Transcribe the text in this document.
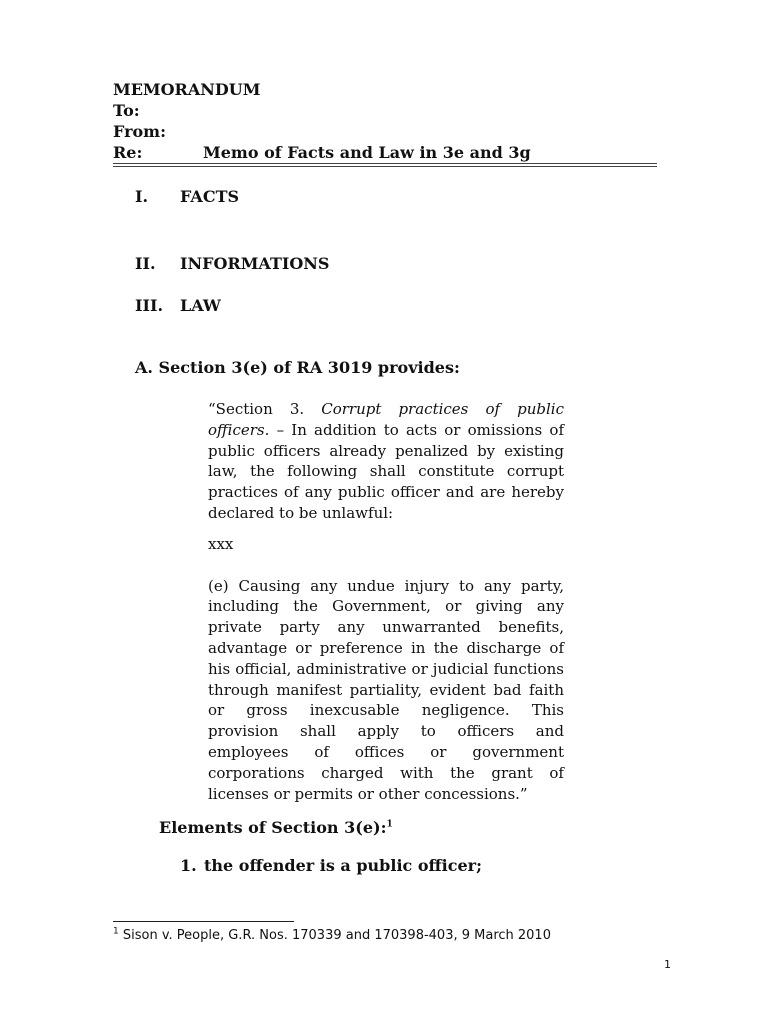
MEMORANDUM
To:
From:
Re:	Memo of Facts and Law in 3e and 3g
I. FACTS
II. INFORMATIONS
III. LAW
A. Section 3(e) of RA 3019 provides:

“Section 3. Corrupt practices of public officers. – In addition to acts or omissions of public officers already penalized by existing law, the following shall constitute corrupt practices of any public officer and are hereby declared to be unlawful:

xxx

(e) Causing any undue injury to any party, including the Government, or giving any private party any unwarranted benefits, advantage or preference in the discharge of his official, administrative or judicial functions through manifest partiality, evident bad faith or gross inexcusable negligence. This provision shall apply to officers and employees of offices or government corporations charged with the grant of licenses or permits or other concessions.”

Elements of Section 3(e):$^1$
1. the offender is a public officer;
$^1$ Sison v. People, G.R. Nos. 170339 and 170398-403, 9 March 2010
1
